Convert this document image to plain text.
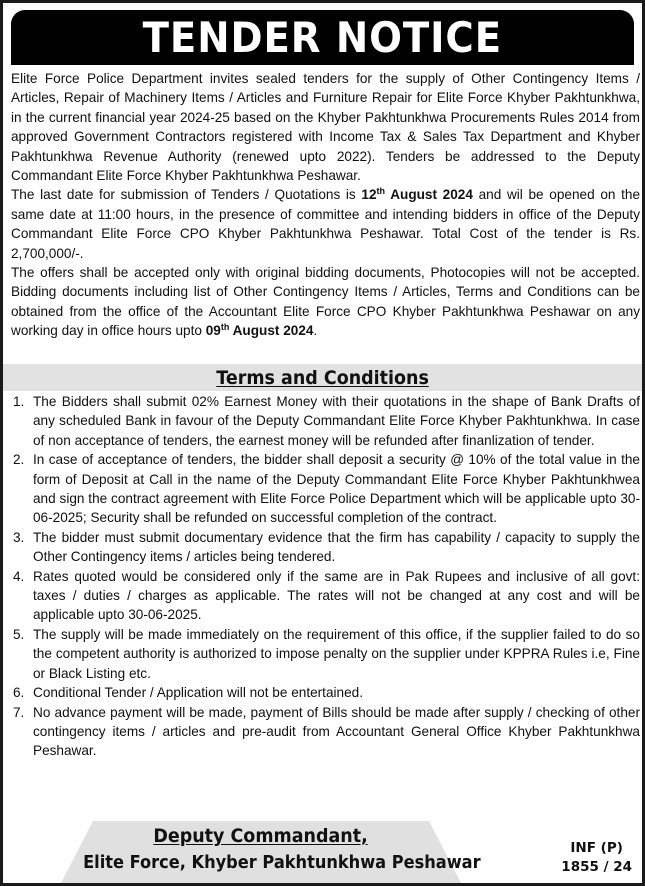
TENDER NOTICE

Elite Force Police Department invites sealed tenders for the supply of Other Contingency Items / Articles, Repair of Machinery Items / Articles and Furniture Repair for Elite Force Khyber Pakhtunkhwa, in the current financial year 2024-25 based on the Khyber Pakhtunkhwa Procurements Rules 2014 from approved Government Contractors registered with Income Tax & Sales Tax Department and Khyber Pakhtunkhwa Revenue Authority (renewed upto 2022). Tenders be addressed to the Deputy Commandant Elite Force Khyber Pakhtunkhwa Peshawar.

The last date for submission of Tenders / Quotations is 12th August 2024 and wil be opened on the same date at 11:00 hours, in the presence of committee and intending bidders in office of the Deputy Commandant Elite Force CPO Khyber Pakhtunkhwa Peshawar. Total Cost of the tender is Rs. 2,700,000/-.

The offers shall be accepted only with original bidding documents, Photocopies will not be accepted. Bidding documents including list of Other Contingency Items / Articles, Terms and Conditions can be obtained from the office of the Accountant Elite Force CPO Khyber Pakhtunkhwa Peshawar on any working day in office hours upto 09th August 2024.

Terms and Conditions
1. The Bidders shall submit 02% Earnest Money with their quotations in the shape of Bank Drafts of any scheduled Bank in favour of the Deputy Commandant Elite Force Khyber Pakhtunkhwa. In case of non acceptance of tenders, the earnest money will be refunded after finanlization of tender.
2. In case of acceptance of tenders, the bidder shall deposit a security @ 10% of the total value in the form of Deposit at Call in the name of the Deputy Commandant Elite Force Khyber Pakhtunkhwea and sign the contract agreement with Elite Force Police Department which will be applicable upto 30-06-2025; Security shall be refunded on successful completion of the contract.
3. The bidder must submit documentary evidence that the firm has capability / capacity to supply the Other Contingency items / articles being tendered.
4. Rates quoted would be considered only if the same are in Pak Rupees and inclusive of all govt: taxes / duties / charges as applicable. The rates will not be changed at any cost and will be applicable upto 30-06-2025.
5. The supply will be made immediately on the requirement of this office, if the supplier failed to do so the competent authority is authorized to impose penalty on the supplier under KPPRA Rules i.e, Fine or Black Listing etc.
6. Conditional Tender / Application will not be entertained.
7. No advance payment will be made, payment of Bills should be made after supply / checking of other contingency items / articles and pre-audit from Accountant General Office Khyber Pakhtunkhwa Peshawar.
Deputy Commandant,
Elite Force, Khyber Pakhtunkhwa Peshawar
INF (P)
1855 / 24
